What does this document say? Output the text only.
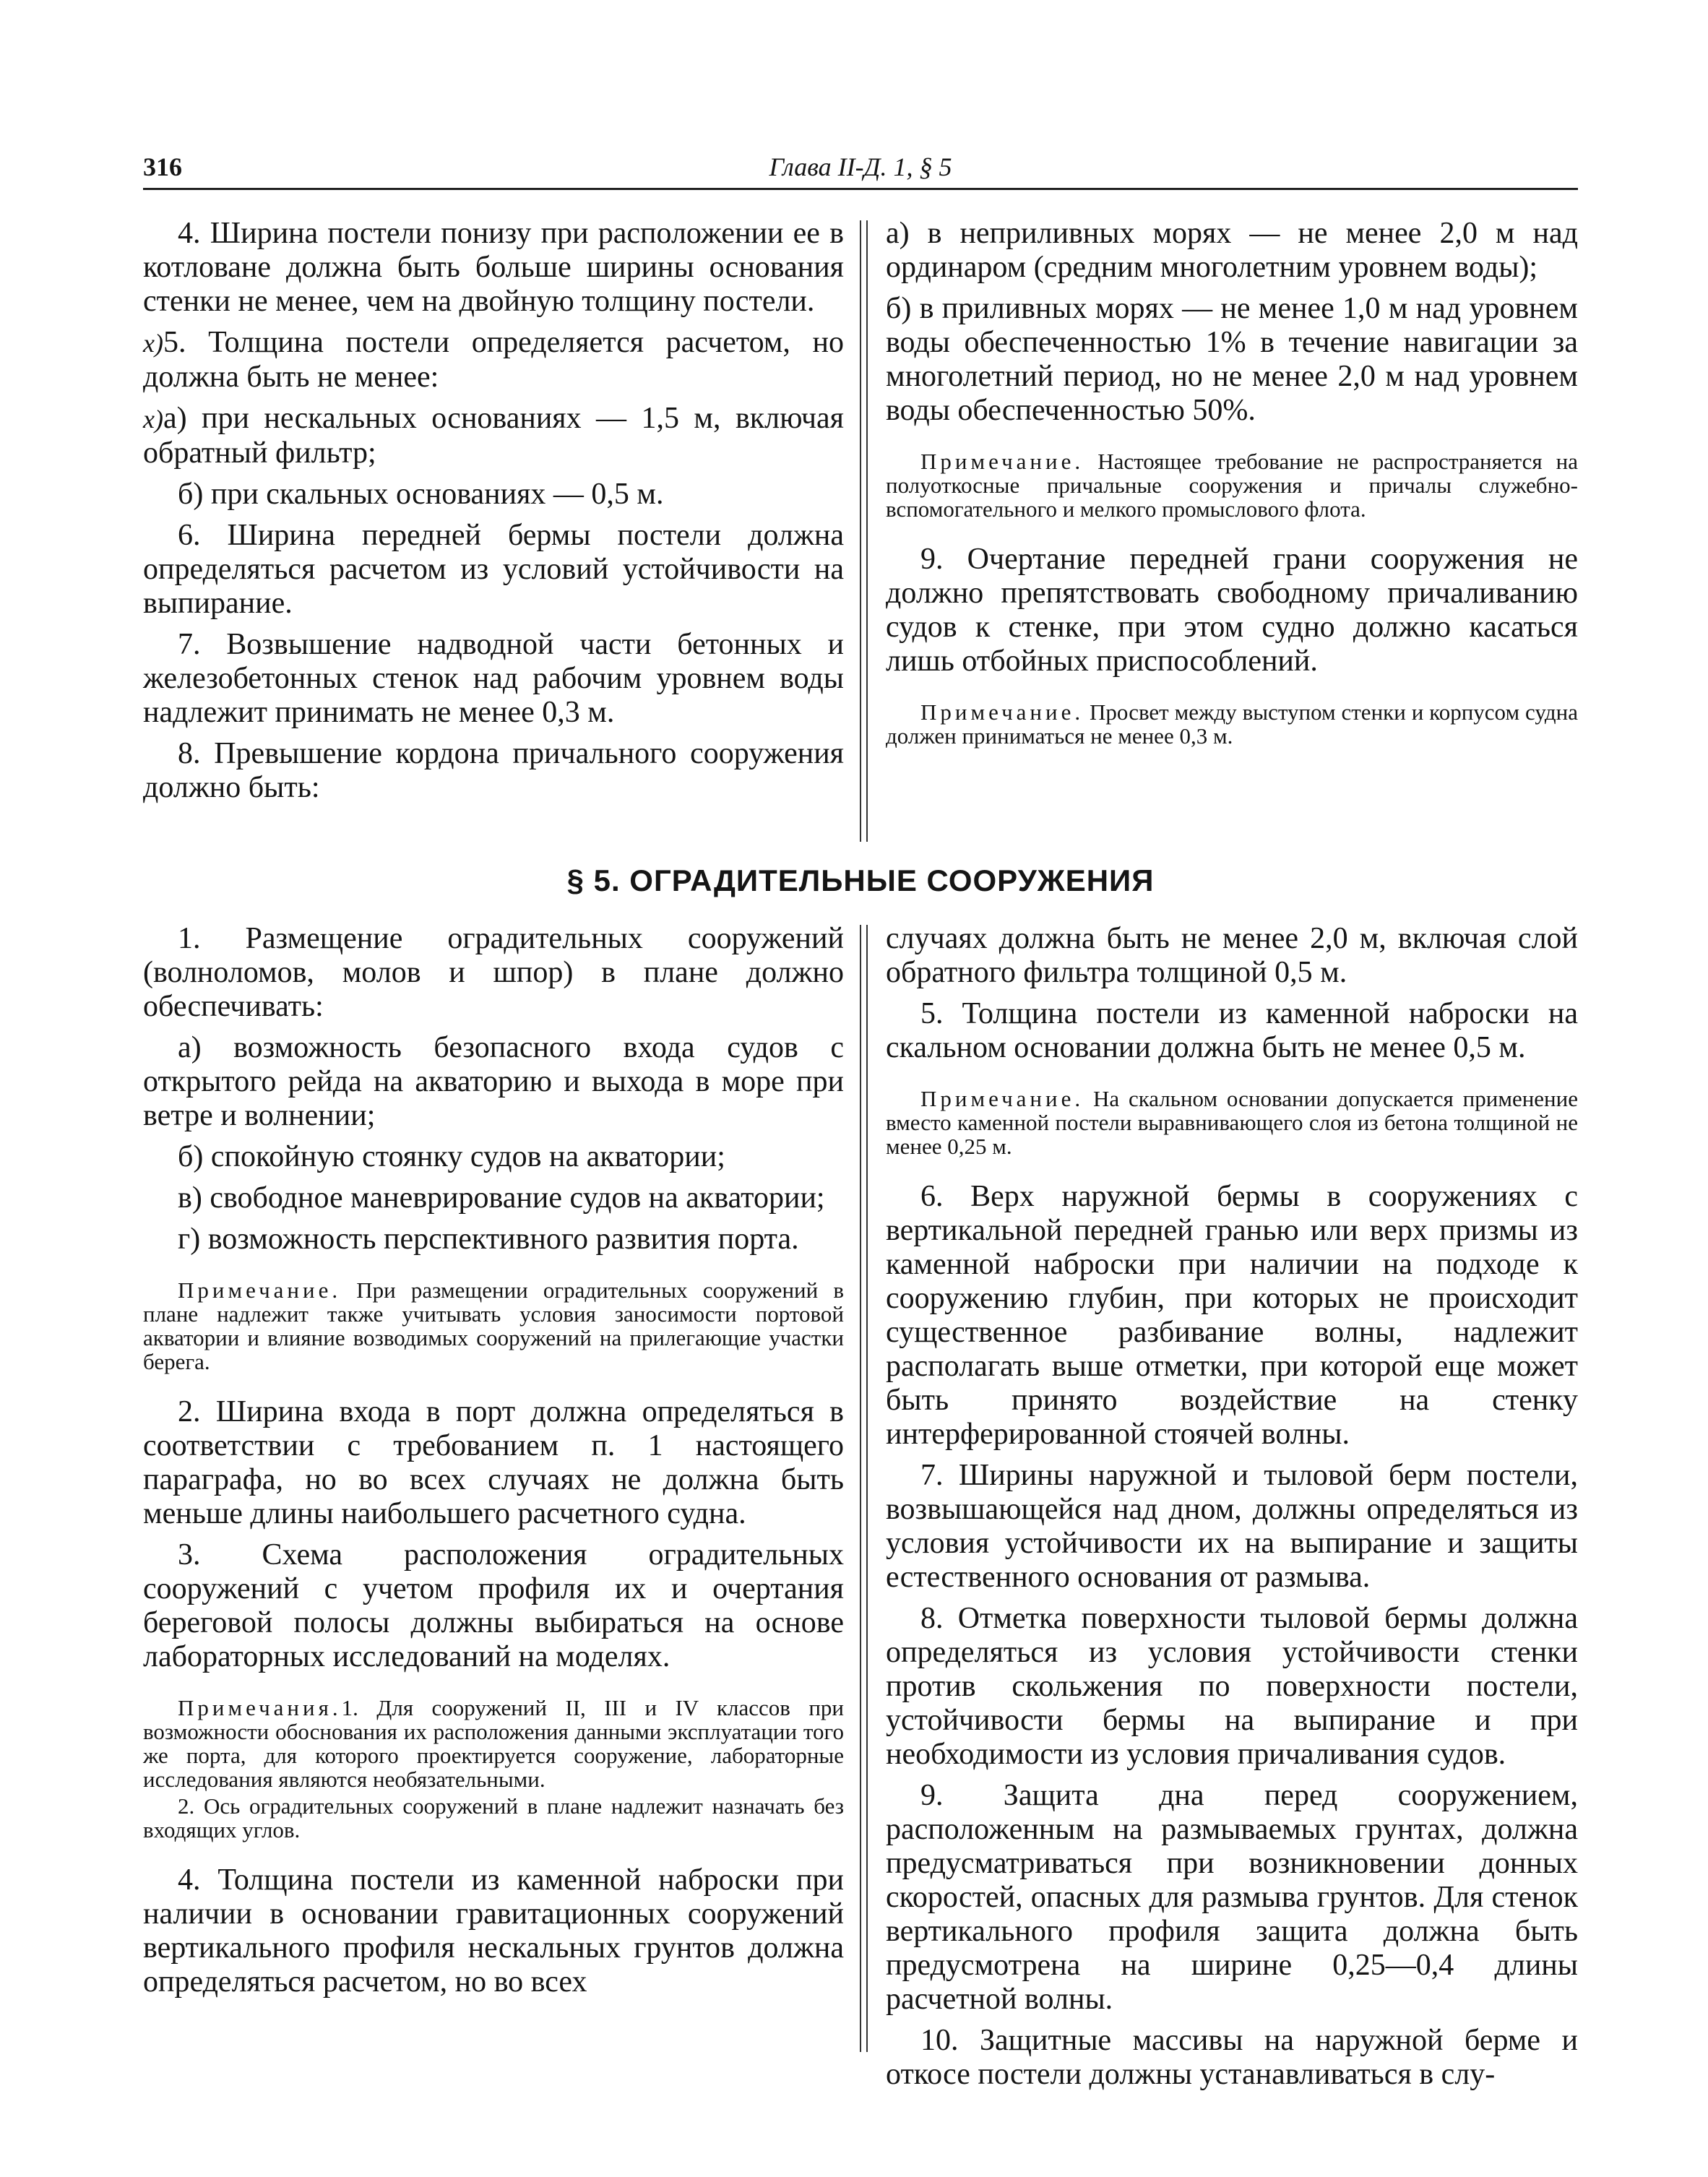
316	Глава II-Д. 1, § 5

4. Ширина постели понизу при расположении ее в котловане должна быть больше ширины основания стенки не менее, чем на двойную толщину постели.

x)5. Толщина постели определяется расчетом, но должна быть не менее:

x)а) при нескальных основаниях — 1,5 м, включая обратный фильтр;

б) при скальных основаниях — 0,5 м.

6. Ширина передней бермы постели должна определяться расчетом из условий устойчивости на выпирание.

7. Возвышение надводной части бетонных и железобетонных стенок над рабочим уровнем воды надлежит принимать не менее 0,3 м.

8. Превышение кордона причального сооружения должно быть:

а) в неприливных морях — не менее 2,0 м над ординаром (средним многолетним уровнем воды);

б) в приливных морях — не менее 1,0 м над уровнем воды обеспеченностью 1% в течение навигации за многолетний период, но не менее 2,0 м над уровнем воды обеспеченностью 50%.

Примечание. Настоящее требование не распространяется на полуоткосные причальные сооружения и причалы служебно-вспомогательного и мелкого промыслового флота.

9. Очертание передней грани сооружения не должно препятствовать свободному причаливанию судов к стенке, при этом судно должно касаться лишь отбойных приспособлений.

Примечание. Просвет между выступом стенки и корпусом судна должен приниматься не менее 0,3 м.

§ 5. ОГРАДИТЕЛЬНЫЕ СООРУЖЕНИЯ

1. Размещение оградительных сооружений (волноломов, молов и шпор) в плане должно обеспечивать:

а) возможность безопасного входа судов с открытого рейда на акваторию и выхода в море при ветре и волнении;

б) спокойную стоянку судов на акватории;

в) свободное маневрирование судов на акватории;

г) возможность перспективного развития порта.

Примечание. При размещении оградительных сооружений в плане надлежит также учитывать условия заносимости портовой акватории и влияние возводимых сооружений на прилегающие участки берега.

2. Ширина входа в порт должна определяться в соответствии с требованием п. 1 настоящего параграфа, но во всех случаях не должна быть меньше длины наибольшего расчетного судна.

3. Схема расположения оградительных сооружений с учетом профиля их и очертания береговой полосы должны выбираться на основе лабораторных исследований на моделях.

Примечания.1. Для сооружений II, III и IV классов при возможности обоснования их расположения данными эксплуатации того же порта, для которого проектируется сооружение, лабораторные исследования являются необязательными.

2. Ось оградительных сооружений в плане надлежит назначать без входящих углов.

4. Толщина постели из каменной наброски при наличии в основании гравитационных сооружений вертикального профиля нескальных грунтов должна определяться расчетом, но во всех

случаях должна быть не менее 2,0 м, включая слой обратного фильтра толщиной 0,5 м.

5. Толщина постели из каменной наброски на скальном основании должна быть не менее 0,5 м.

Примечание. На скальном основании допускается применение вместо каменной постели выравнивающего слоя из бетона толщиной не менее 0,25 м.

6. Верх наружной бермы в сооружениях с вертикальной передней гранью или верх призмы из каменной наброски при наличии на подходе к сооружению глубин, при которых не происходит существенное разбивание волны, надлежит располагать выше отметки, при которой еще может быть принято воздействие на стенку интерферированной стоячей волны.

7. Ширины наружной и тыловой берм постели, возвышающейся над дном, должны определяться из условия устойчивости их на выпирание и защиты естественного основания от размыва.

8. Отметка поверхности тыловой бермы должна определяться из условия устойчивости стенки против скольжения по поверхности постели, устойчивости бермы на выпирание и при необходимости из условия причаливания судов.

9. Защита дна перед сооружением, расположенным на размываемых грунтах, должна предусматриваться при возникновении донных скоростей, опасных для размыва грунтов. Для стенок вертикального профиля защита должна быть предусмотрена на ширине 0,25—0,4 длины расчетной волны.

10. Защитные массивы на наружной берме и откосе постели должны устанавливаться в слу-
